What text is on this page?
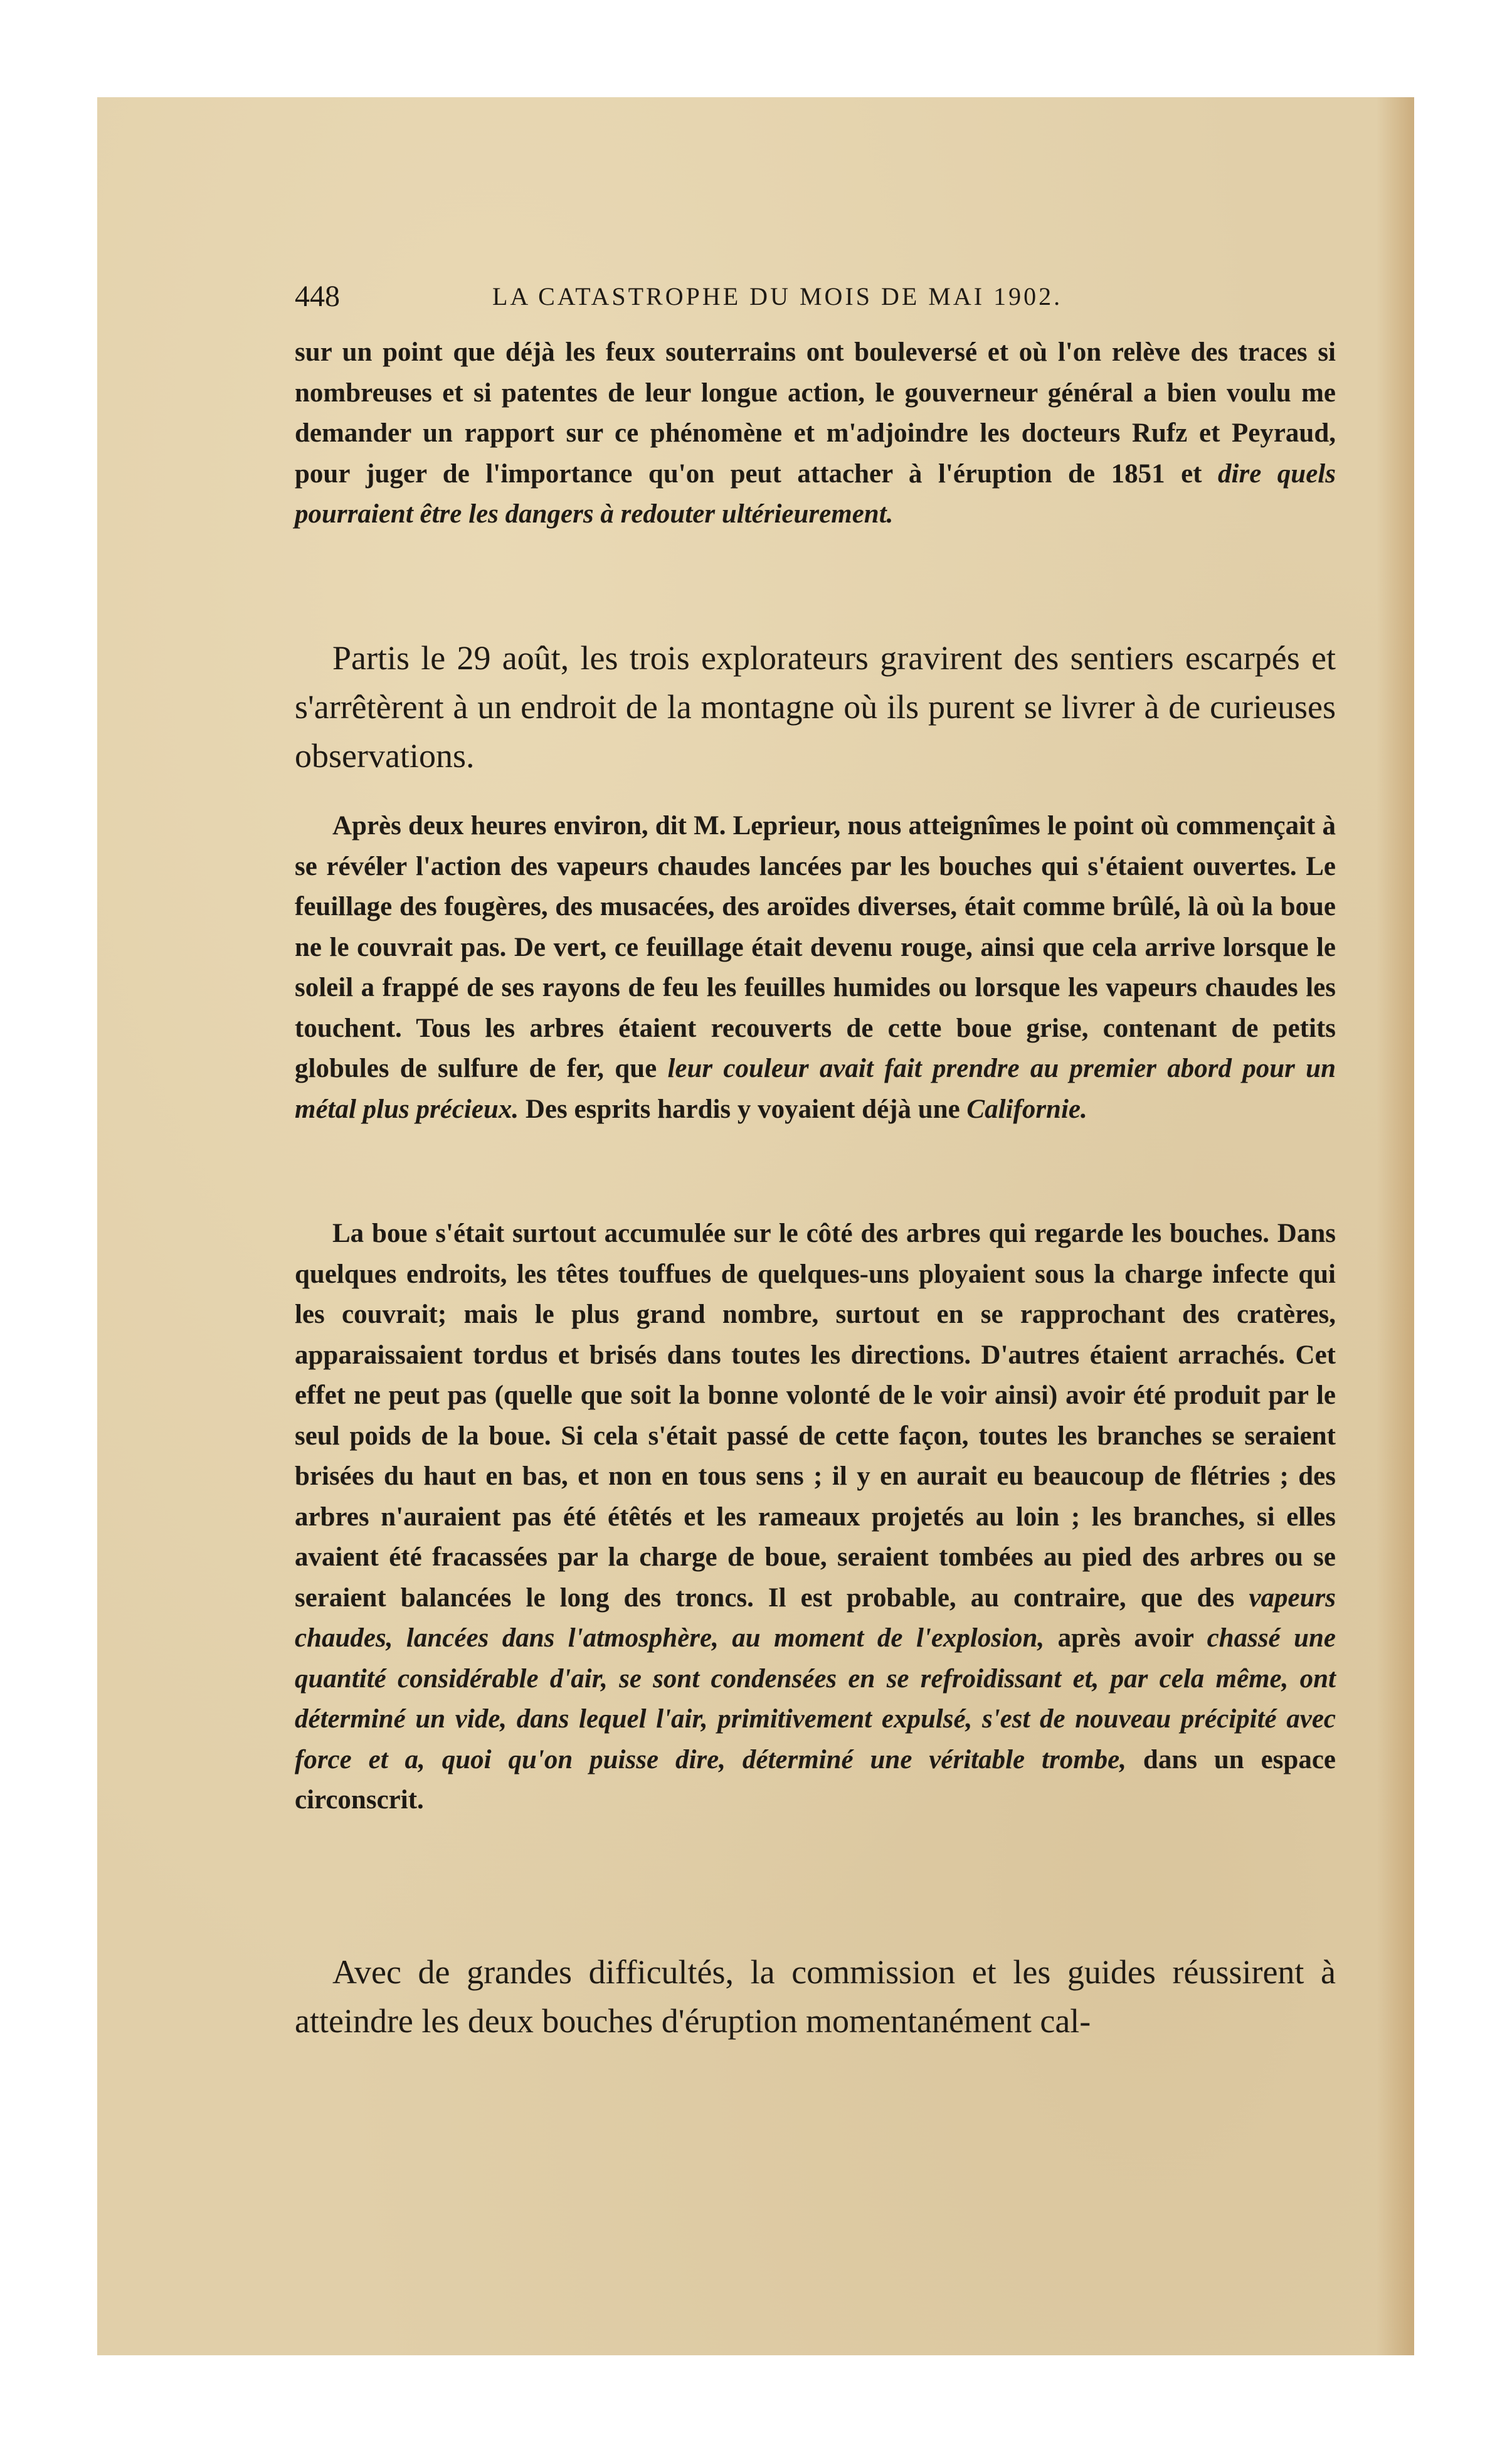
448	LA CATASTROPHE DU MOIS DE MAI 1902.

sur un point que déjà les feux souterrains ont bouleversé et où l'on relève des traces si nombreuses et si patentes de leur longue action, le gouverneur général a bien voulu me demander un rapport sur ce phénomène et m'adjoindre les docteurs Rufz et Peyraud, pour juger de l'importance qu'on peut attacher à l'éruption de 1851 et dire quels pourraient être les dangers à redouter ultérieurement.

Partis le 29 août, les trois explorateurs gravirent des sentiers escarpés et s'arrêtèrent à un endroit de la montagne où ils purent se livrer à de curieuses observations.

Après deux heures environ, dit M. Leprieur, nous atteignîmes le point où commençait à se révéler l'action des vapeurs chaudes lancées par les bouches qui s'étaient ouvertes. Le feuillage des fougères, des musacées, des aroïdes diverses, était comme brûlé, là où la boue ne le couvrait pas. De vert, ce feuillage était devenu rouge, ainsi que cela arrive lorsque le soleil a frappé de ses rayons de feu les feuilles humides ou lorsque les vapeurs chaudes les touchent. Tous les arbres étaient recouverts de cette boue grise, contenant de petits globules de sulfure de fer, que leur couleur avait fait prendre au premier abord pour un métal plus précieux. Des esprits hardis y voyaient déjà une Californie.

La boue s'était surtout accumulée sur le côté des arbres qui regarde les bouches. Dans quelques endroits, les têtes touffues de quelques-uns ployaient sous la charge infecte qui les couvrait; mais le plus grand nombre, surtout en se rapprochant des cratères, apparaissaient tordus et brisés dans toutes les directions. D'autres étaient arrachés. Cet effet ne peut pas (quelle que soit la bonne volonté de le voir ainsi) avoir été produit par le seul poids de la boue. Si cela s'était passé de cette façon, toutes les branches se seraient brisées du haut en bas, et non en tous sens ; il y en aurait eu beaucoup de flétries ; des arbres n'auraient pas été étêtés et les rameaux projetés au loin ; les branches, si elles avaient été fracassées par la charge de boue, seraient tombées au pied des arbres ou se seraient balancées le long des troncs. Il est probable, au contraire, que des vapeurs chaudes, lancées dans l'atmosphère, au moment de l'explosion, après avoir chassé une quantité considérable d'air, se sont condensées en se refroidissant et, par cela même, ont déterminé un vide, dans lequel l'air, primitivement expulsé, s'est de nouveau précipité avec force et a, quoi qu'on puisse dire, déterminé une véritable trombe, dans un espace circonscrit.

Avec de grandes difficultés, la commission et les guides réussirent à atteindre les deux bouches d'éruption momentanément cal-
